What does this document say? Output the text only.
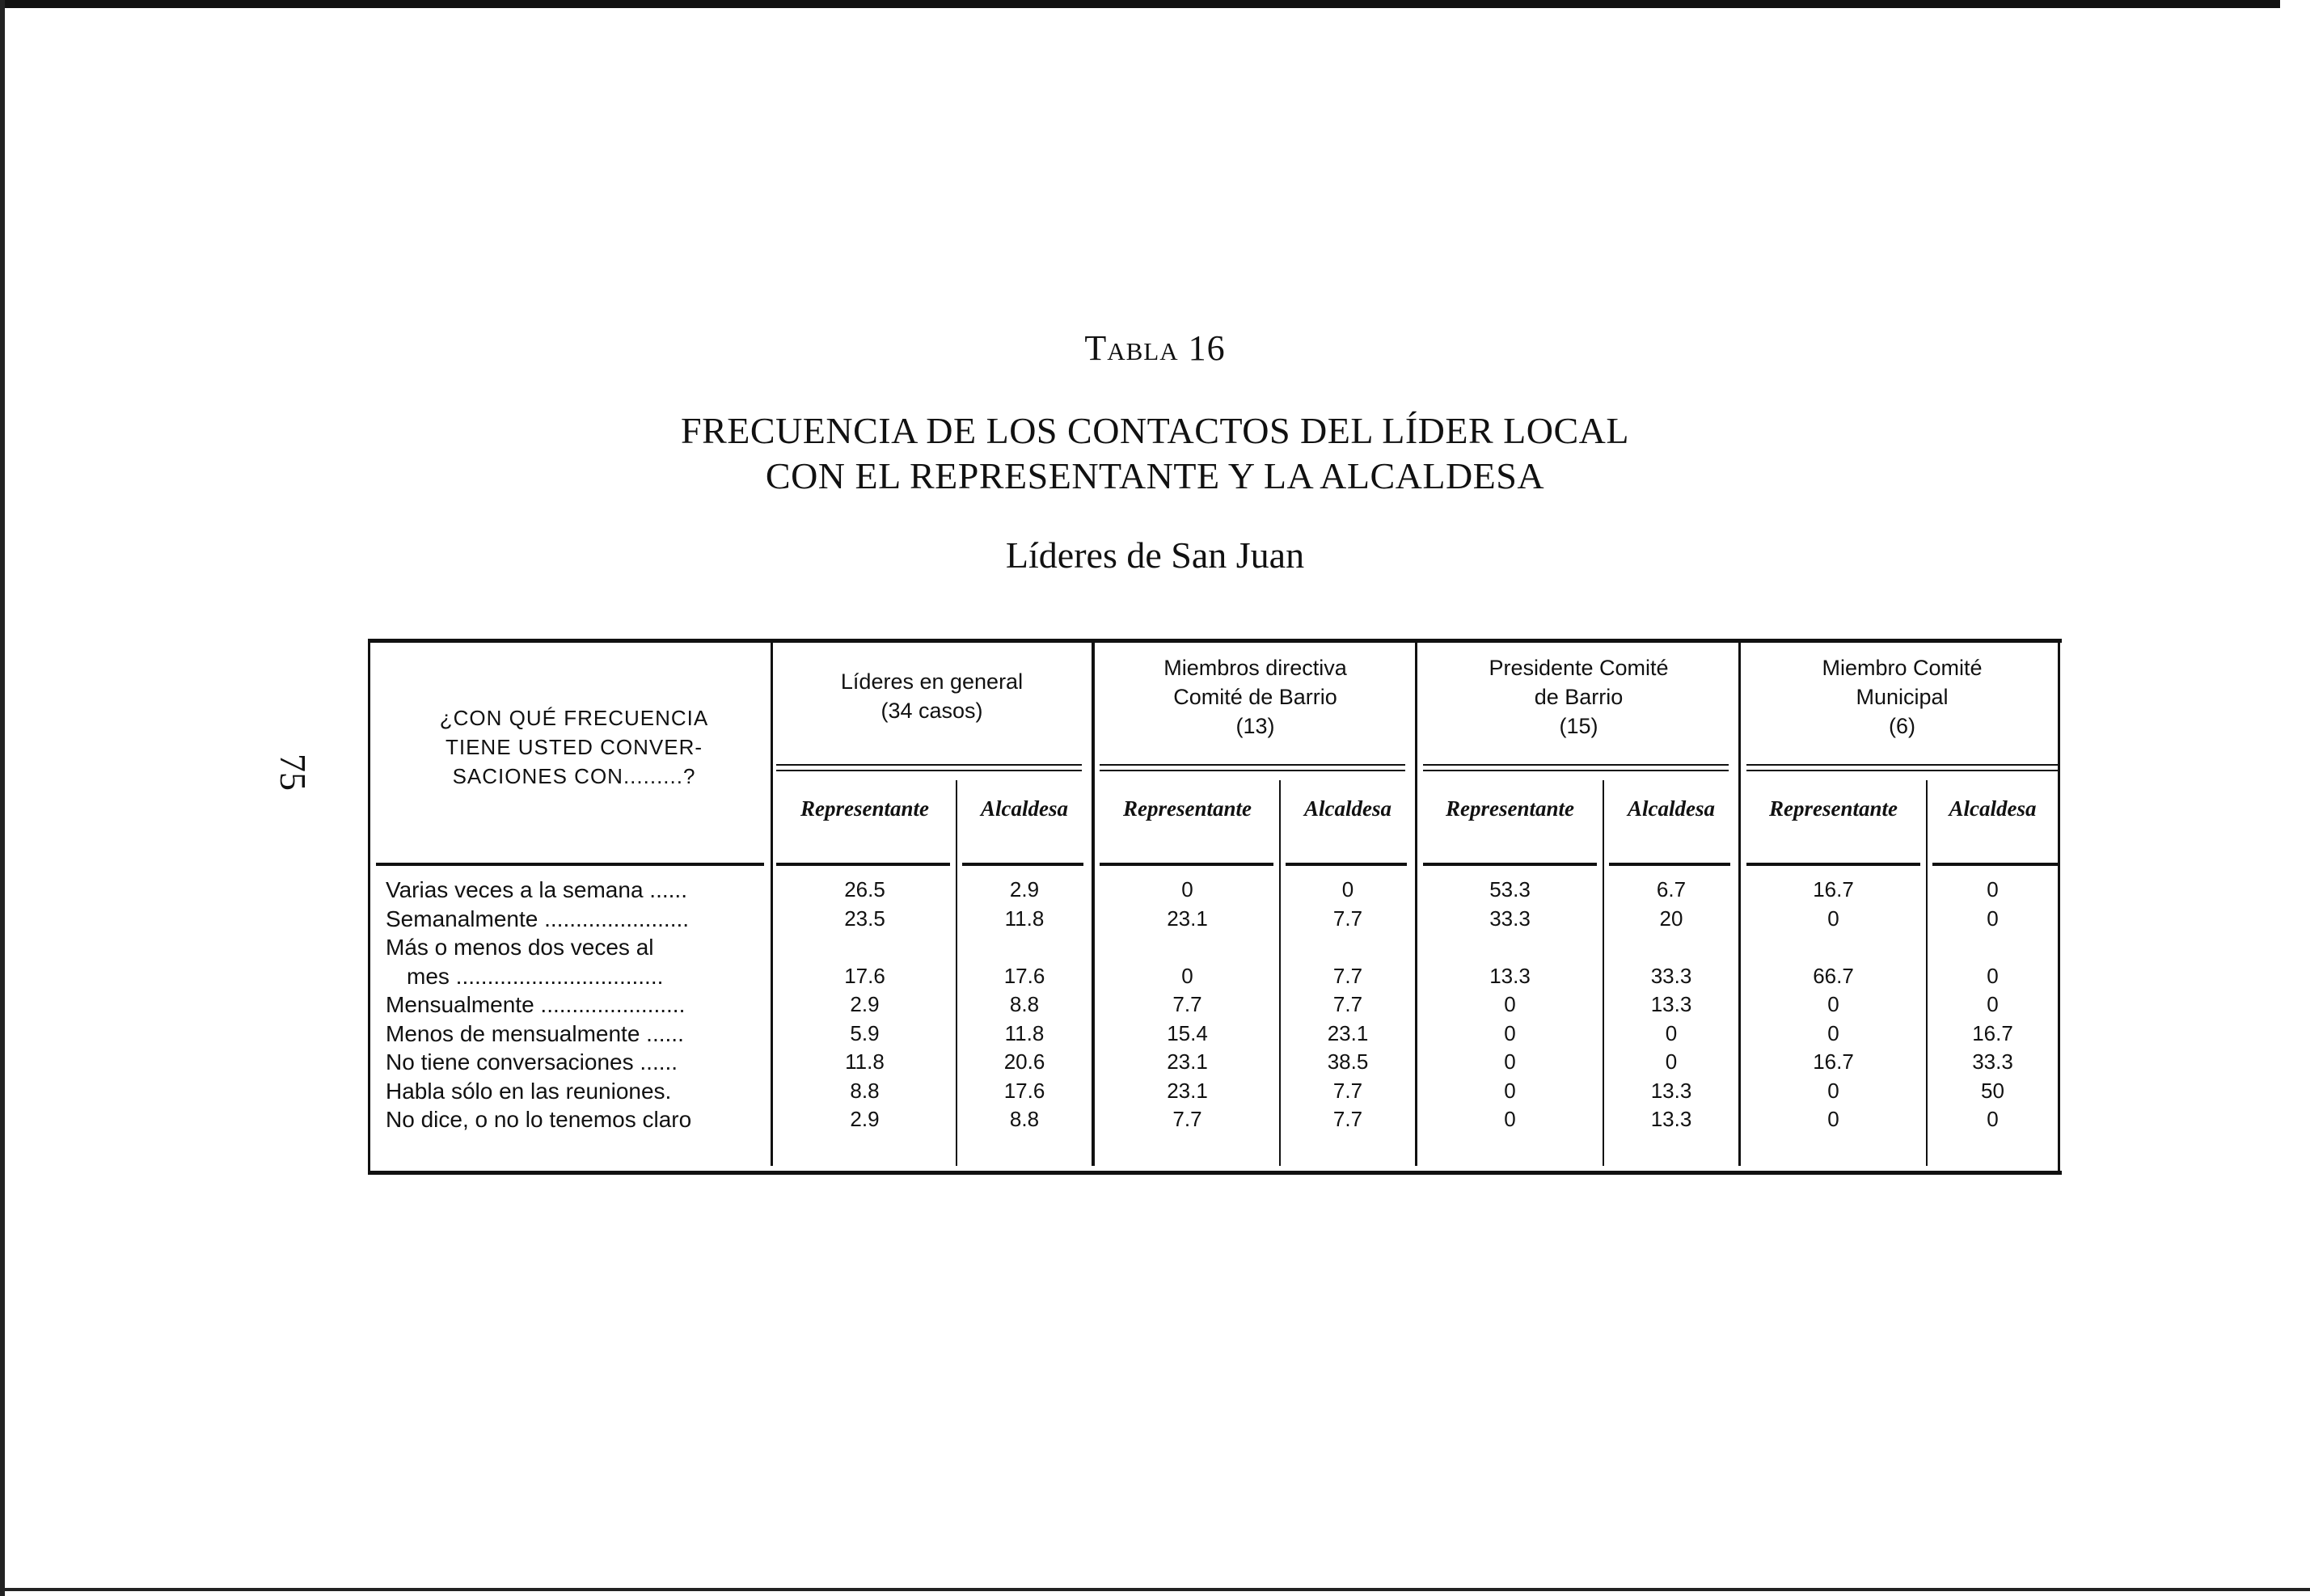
75
Tabla 16
FRECUENCIA DE LOS CONTACTOS DEL LÍDER LOCAL
CON EL REPRESENTANTE Y LA ALCALDESA
Líderes de San Juan
¿CON QUÉ FRECUENCIA
TIENE USTED CONVER-
SACIONES CON.........?
Líderes en general
(34 casos)
Miembros directiva
Comité de Barrio
(13)
Presidente Comité
de Barrio
(15)
Miembro Comité
Municipal
(6)
Representante	Alcaldesa	Representante	Alcaldesa	Representante	Alcaldesa	Representante	Alcaldesa
Varias veces a la semana ......	26.5	2.9	0	0	53.3	6.7	16.7	0
Semanalmente .......................	23.5	11.8	23.1	7.7	33.3	20	0	0
Más o menos dos veces al
mes .................................	17.6	17.6	0	7.7	13.3	33.3	66.7	0
Mensualmente .......................	2.9	8.8	7.7	7.7	0	13.3	0	0
Menos de mensualmente ......	5.9	11.8	15.4	23.1	0	0	0	16.7
No tiene conversaciones ......	11.8	20.6	23.1	38.5	0	0	16.7	33.3
Habla sólo en las reuniones.	8.8	17.6	23.1	7.7	0	13.3	0	50
No dice, o no lo tenemos claro	2.9	8.8	7.7	7.7	0	13.3	0	0
